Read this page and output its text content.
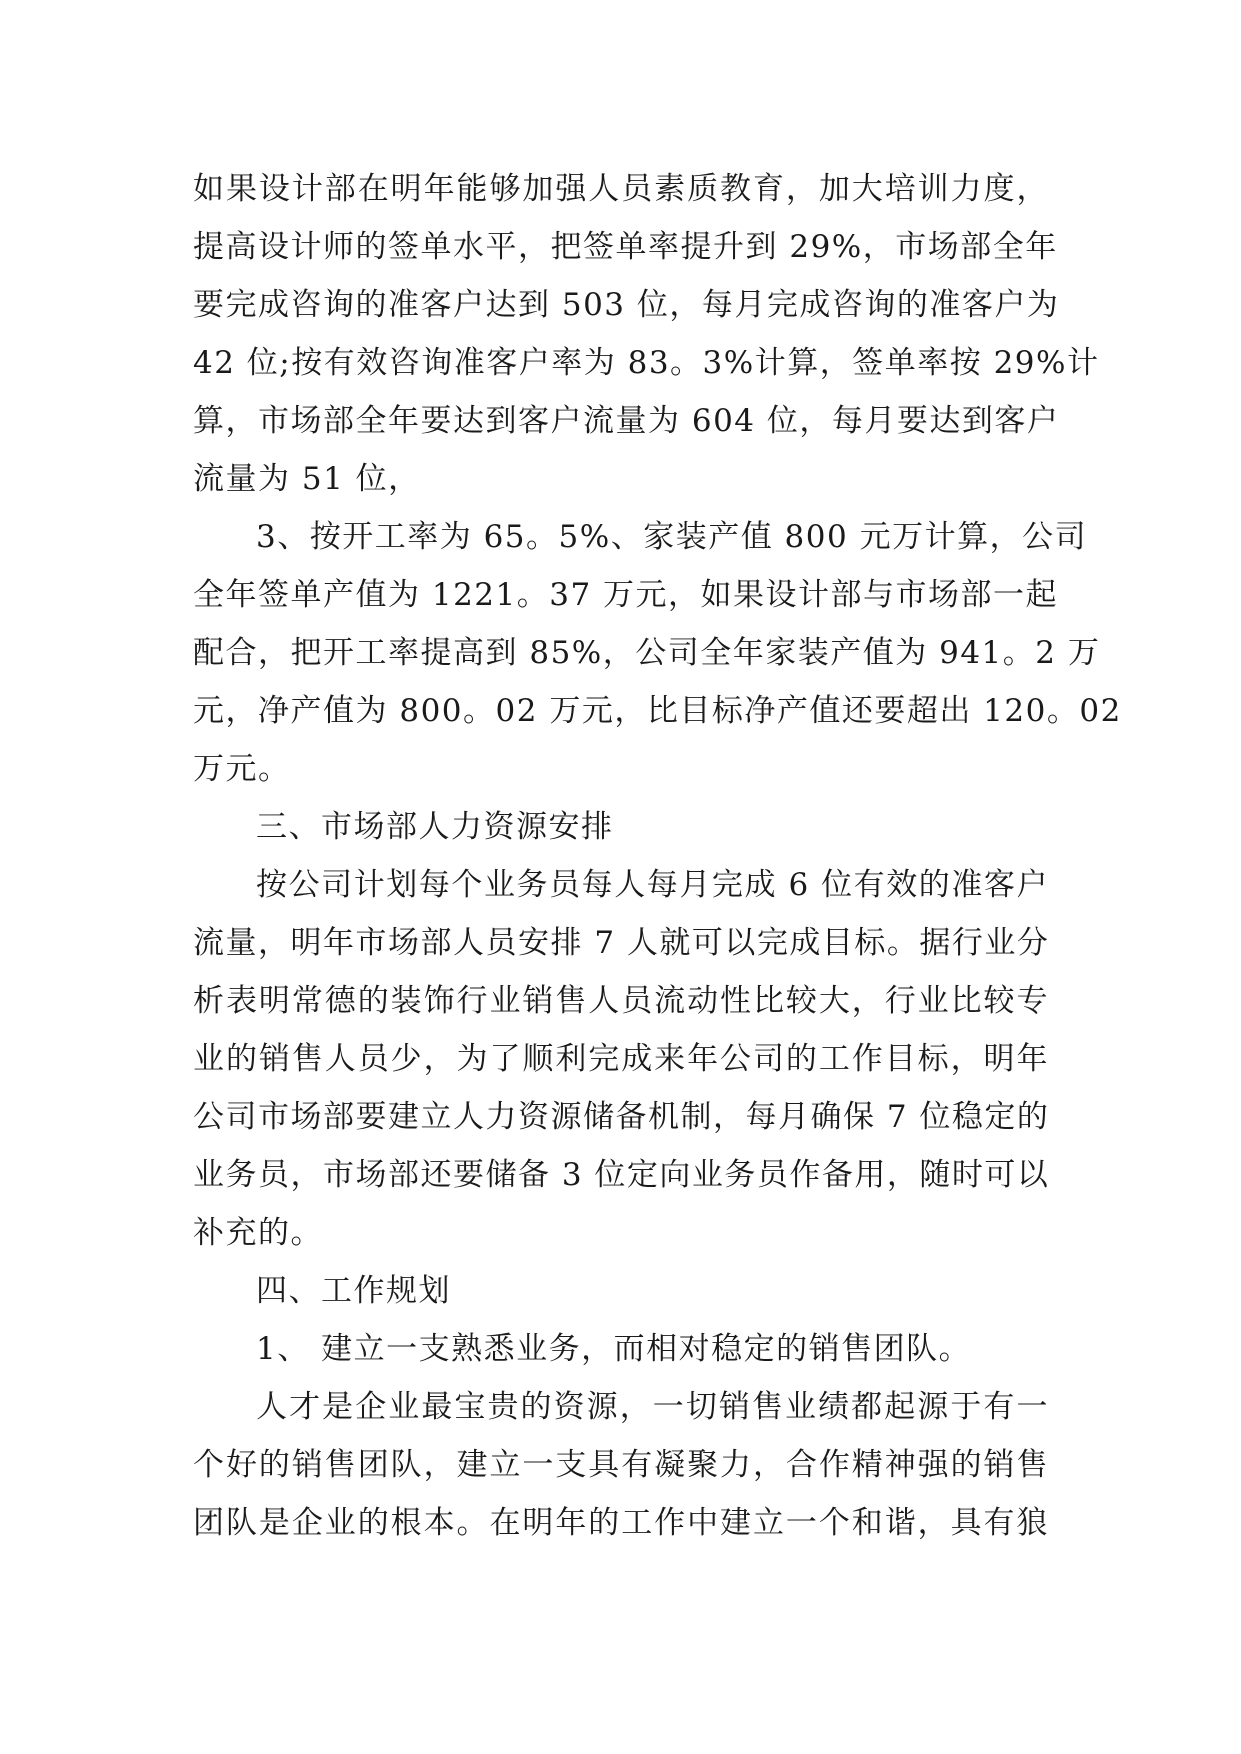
如果设计部在明年能够加强人员素质教育，加大培训力度，
提高设计师的签单水平，把签单率提升到 29%，市场部全年
要完成咨询的准客户达到 503 位，每月完成咨询的准客户为
42 位;按有效咨询准客户率为 83。3%计算，签单率按 29%计
算，市场部全年要达到客户流量为 604 位，每月要达到客户
流量为 51 位，
3、按开工率为 65。5%、家装产值 800 元万计算，公司
全年签单产值为 1221。37 万元，如果设计部与市场部一起
配合，把开工率提高到 85%，公司全年家装产值为 941。2 万
元，净产值为 800。02 万元，比目标净产值还要超出 120。02
万元。
三、市场部人力资源安排
按公司计划每个业务员每人每月完成 6 位有效的准客户
流量，明年市场部人员安排 7 人就可以完成目标。据行业分
析表明常德的装饰行业销售人员流动性比较大，行业比较专
业的销售人员少，为了顺利完成来年公司的工作目标，明年
公司市场部要建立人力资源储备机制，每月确保 7 位稳定的
业务员，市场部还要储备 3 位定向业务员作备用，随时可以
补充的。
四、工作规划
1、 建立一支熟悉业务，而相对稳定的销售团队。
人才是企业最宝贵的资源，一切销售业绩都起源于有一
个好的销售团队，建立一支具有凝聚力，合作精神强的销售
团队是企业的根本。在明年的工作中建立一个和谐，具有狼
